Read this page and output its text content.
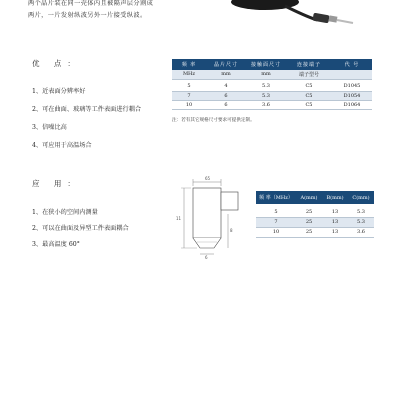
两个晶片装在同一壳体内且被隔声层分割成
两片，一片发射纵波另外一片接受纵波。
优 点：
1、近表面分辨率好
2、可在曲面、玻璃等工件表面进行耦合
3、信噪比高
4、可应用于高温场合
频 率	晶片尺寸	接触面尺寸	连接端子	代 号
MHz	mm	mm	端子型号	

5	4	5.3	C5	D1045
7	6	5.3	C5	D1054
10	6	3.6	C5	D1064
注：若有其它规格尺寸要求可提供定制。
应 用：
1、在狭小的空间内测量
2、可以在曲面及异型工件表面耦合
3、最高温度 60°
65
11
8
6
频 率（MHz）	A(mm)	B(mm)	C(mm)

5	25	13	5.3
7	25	13	5.3
10	25	13	3.6
